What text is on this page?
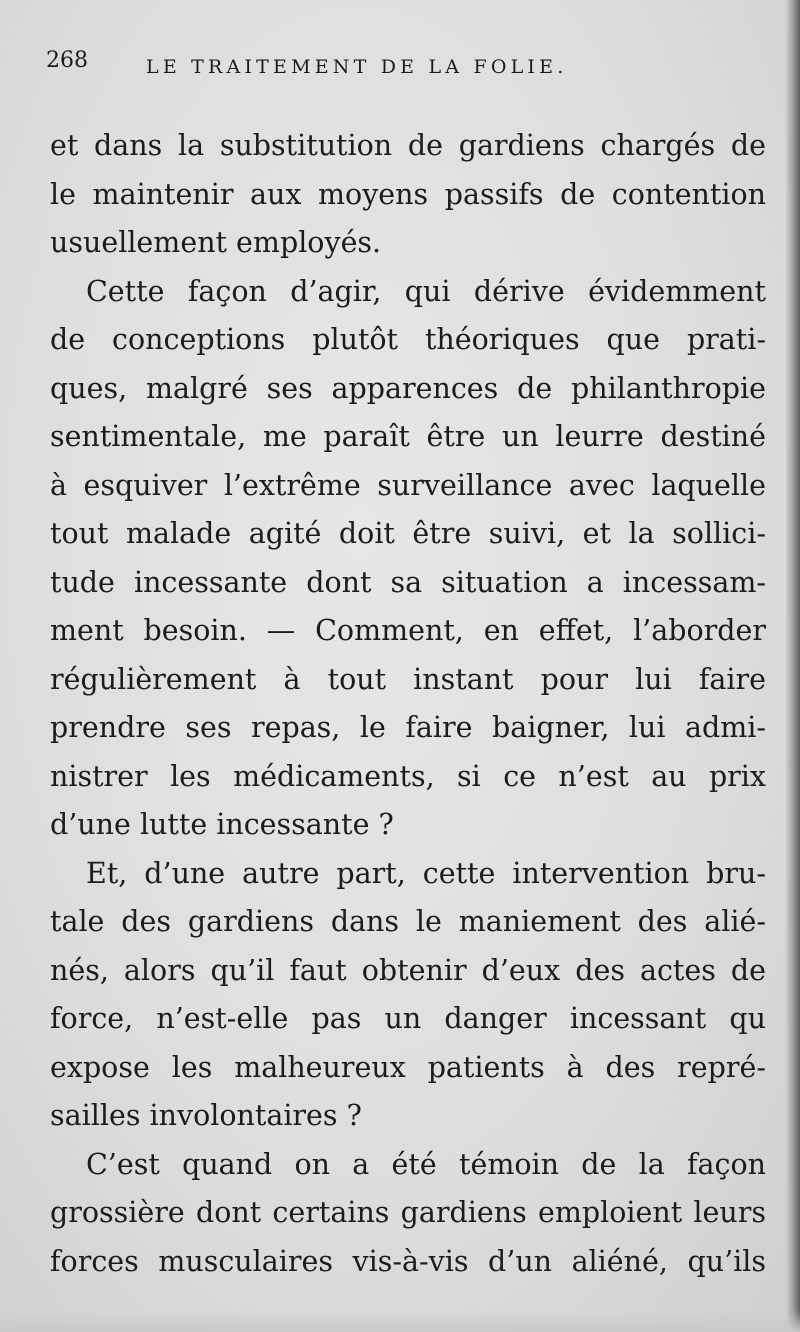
268	LE TRAITEMENT DE LA FOLIE.
et dans la substitution de gardiens chargés de
le maintenir aux moyens passifs de contention
usuellement employés.
Cette façon d’agir, qui dérive évidemment
de conceptions plutôt théoriques que prati-
ques, malgré ses apparences de philanthropie
sentimentale, me paraît être un leurre destiné
à esquiver l’extrême surveillance avec laquelle
tout malade agité doit être suivi, et la sollici-
tude incessante dont sa situation a incessam-
ment besoin. — Comment, en effet, l’aborder
régulièrement à tout instant pour lui faire
prendre ses repas, le faire baigner, lui admi-
nistrer les médicaments, si ce n’est au prix
d’une lutte incessante ?
Et, d’une autre part, cette intervention bru-
tale des gardiens dans le maniement des alié-
nés, alors qu’il faut obtenir d’eux des actes de
force, n’est-elle pas un danger incessant qu
expose les malheureux patients à des repré-
sailles involontaires ?
C’est quand on a été témoin de la façon
grossière dont certains gardiens emploient leurs
forces musculaires vis-à-vis d’un aliéné, qu’ils
